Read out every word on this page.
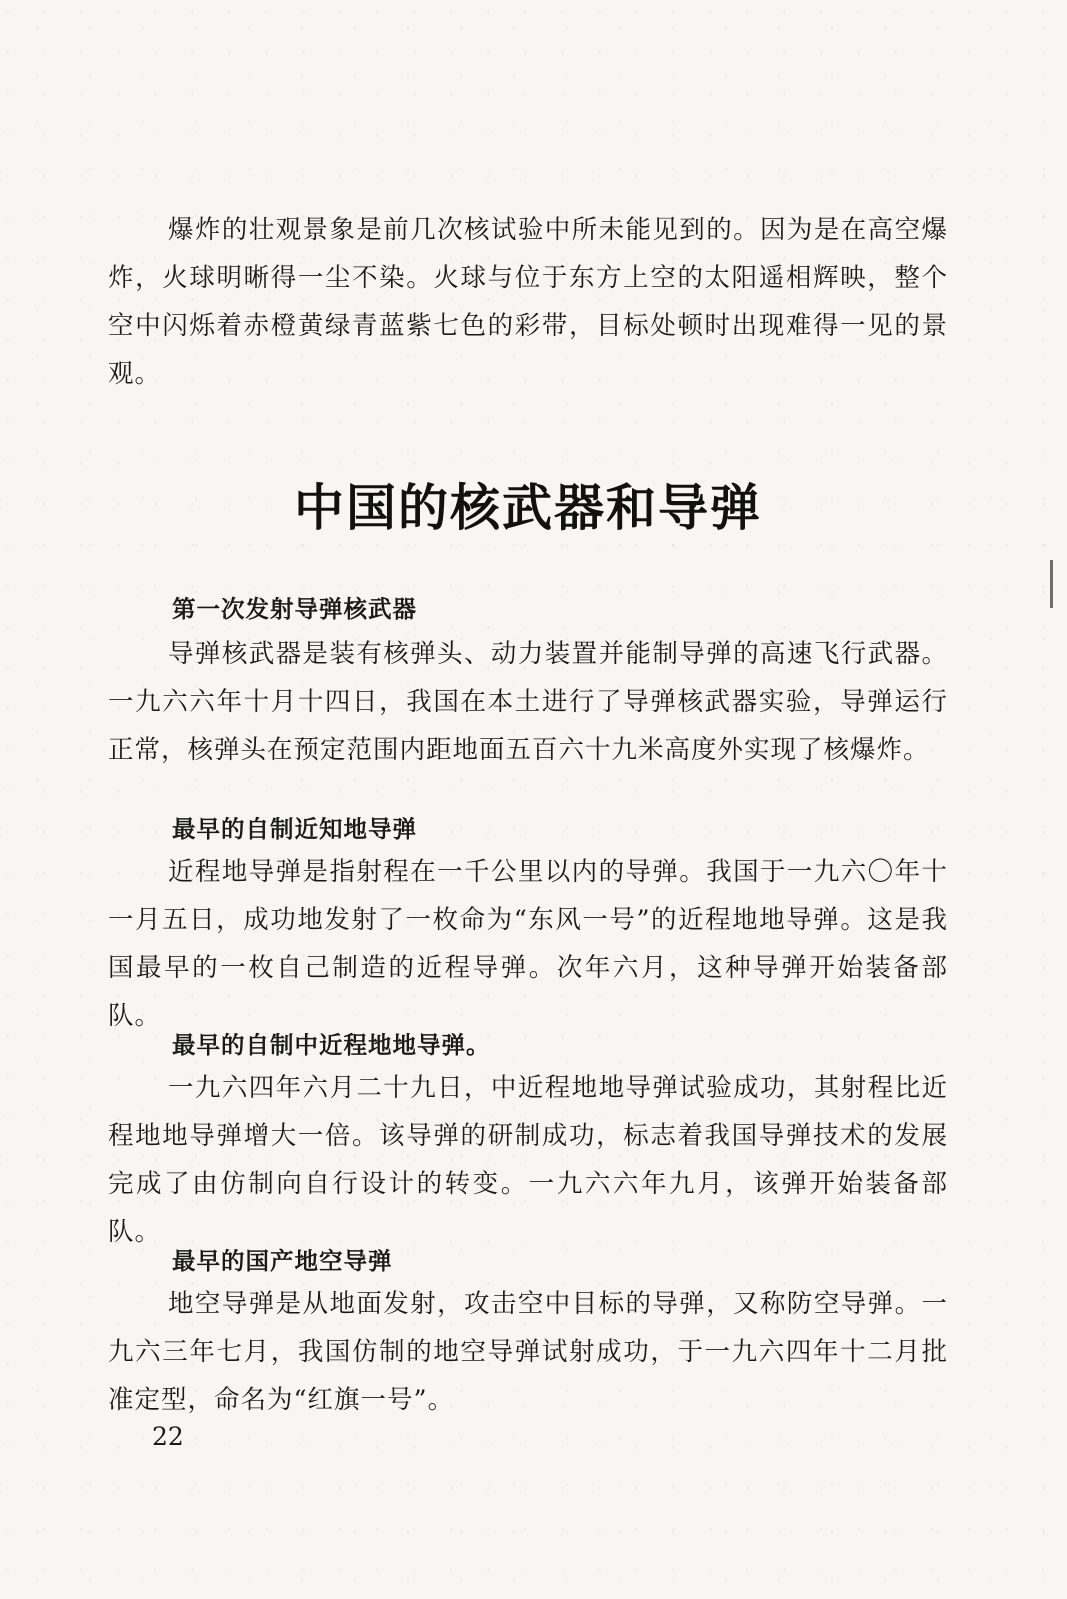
爆炸的壮观景象是前几次核试验中所未能见到的。因为是在高空爆炸，火球明晰得一尘不染。火球与位于东方上空的太阳遥相辉映，整个空中闪烁着赤橙黄绿青蓝紫七色的彩带，目标处顿时出现难得一见的景观。

中国的核武器和导弹
第一次发射导弹核武器

导弹核武器是装有核弹头、动力装置并能制导弹的高速飞行武器。一九六六年十月十四日，我国在本土进行了导弹核武器实验，导弹运行正常，核弹头在预定范围内距地面五百六十九米高度外实现了核爆炸。

最早的自制近知地导弹

近程地导弹是指射程在一千公里以内的导弹。我国于一九六〇年十一月五日，成功地发射了一枚命为“东风一号”的近程地地导弹。这是我国最早的一枚自己制造的近程导弹。次年六月，这种导弹开始装备部队。

最早的自制中近程地地导弹。

一九六四年六月二十九日，中近程地地导弹试验成功，其射程比近程地地导弹增大一倍。该导弹的研制成功，标志着我国导弹技术的发展完成了由仿制向自行设计的转变。一九六六年九月，该弹开始装备部队。

最早的国产地空导弹

地空导弹是从地面发射，攻击空中目标的导弹，又称防空导弹。一九六三年七月，我国仿制的地空导弹试射成功，于一九六四年十二月批准定型，命名为“红旗一号”。

22
